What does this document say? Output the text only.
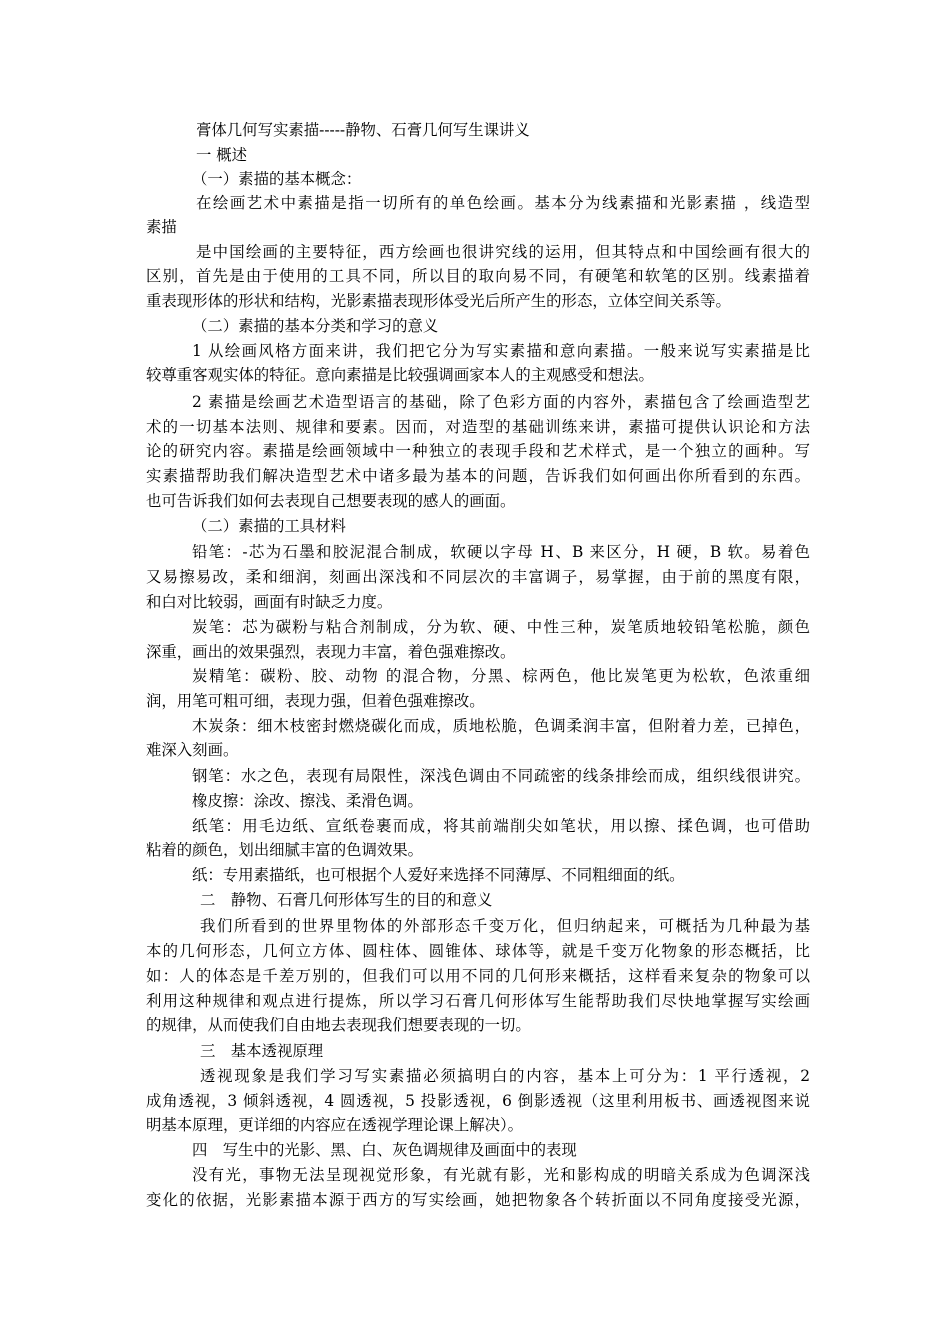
膏体几何写实素描-----静物、石膏几何写生课讲义
一 概述
（一）素描的基本概念：
在绘画艺术中素描是指一切所有的单色绘画。基本分为线素描和光影素描 ，线造型
素描
是中国绘画的主要特征，西方绘画也很讲究线的运用，但其特点和中国绘画有很大的
区别，首先是由于使用的工具不同，所以目的取向易不同，有硬笔和软笔的区别。线素描着
重表现形体的形状和结构，光影素描表现形体受光后所产生的形态，立体空间关系等。
（二）素描的基本分类和学习的意义
1 从绘画风格方面来讲，我们把它分为写实素描和意向素描。一般来说写实素描是比
较尊重客观实体的特征。意向素描是比较强调画家本人的主观感受和想法。
2 素描是绘画艺术造型语言的基础，除了色彩方面的内容外，素描包含了绘画造型艺
术的一切基本法则、规律和要素。因而，对造型的基础训练来讲，素描可提供认识论和方法
论的研究内容。素描是绘画领域中一种独立的表现手段和艺术样式，是一个独立的画种。写
实素描帮助我们解决造型艺术中诸多最为基本的问题，告诉我们如何画出你所看到的东西。
也可告诉我们如何去表现自己想要表现的感人的画面。
（二）素描的工具材料
铅笔：-芯为石墨和胶泥混合制成，软硬以字母 H、B 来区分，H 硬，B 软。易着色
又易擦易改，柔和细润，刻画出深浅和不同层次的丰富调子，易掌握，由于前的黑度有限，
和白对比较弱，画面有时缺乏力度。
炭笔：芯为碳粉与粘合剂制成，分为软、硬、中性三种，炭笔质地较铅笔松脆，颜色
深重，画出的效果强烈，表现力丰富，着色强难擦改。
炭精笔：碳粉、胶、动物 的混合物，分黑、棕两色，他比炭笔更为松软，色浓重细
润，用笔可粗可细，表现力强，但着色强难擦改。
木炭条：细木枝密封燃烧碳化而成，质地松脆，色调柔润丰富，但附着力差，已掉色，
难深入刻画。
钢笔：水之色，表现有局限性，深浅色调由不同疏密的线条排绘而成，组织线很讲究。
橡皮擦：涂改、擦浅、柔滑色调。
纸笔：用毛边纸、宣纸卷裹而成，将其前端削尖如笔状，用以擦、揉色调，也可借助
粘着的颜色，划出细腻丰富的色调效果。
纸：专用素描纸，也可根据个人爱好来选择不同薄厚、不同粗细面的纸。
二　静物、石膏几何形体写生的目的和意义
我们所看到的世界里物体的外部形态千变万化，但归纳起来，可概括为几种最为基
本的几何形态，几何立方体、圆柱体、圆锥体、球体等，就是千变万化物象的形态概括，比
如：人的体态是千差万别的，但我们可以用不同的几何形来概括，这样看来复杂的物象可以
利用这种规律和观点进行提炼，所以学习石膏几何形体写生能帮助我们尽快地掌握写实绘画
的规律，从而使我们自由地去表现我们想要表现的一切。
三　基本透视原理
透视现象是我们学习写实素描必须搞明白的内容，基本上可分为：1 平行透视，2
成角透视，3 倾斜透视，4 圆透视，5 投影透视，6 倒影透视（这里利用板书、画透视图来说
明基本原理，更详细的内容应在透视学理论课上解决）。
四　写生中的光影、黑、白、灰色调规律及画面中的表现
没有光，事物无法呈现视觉形象，有光就有影，光和影构成的明暗关系成为色调深浅
变化的依据，光影素描本源于西方的写实绘画，她把物象各个转折面以不同角度接受光源，
